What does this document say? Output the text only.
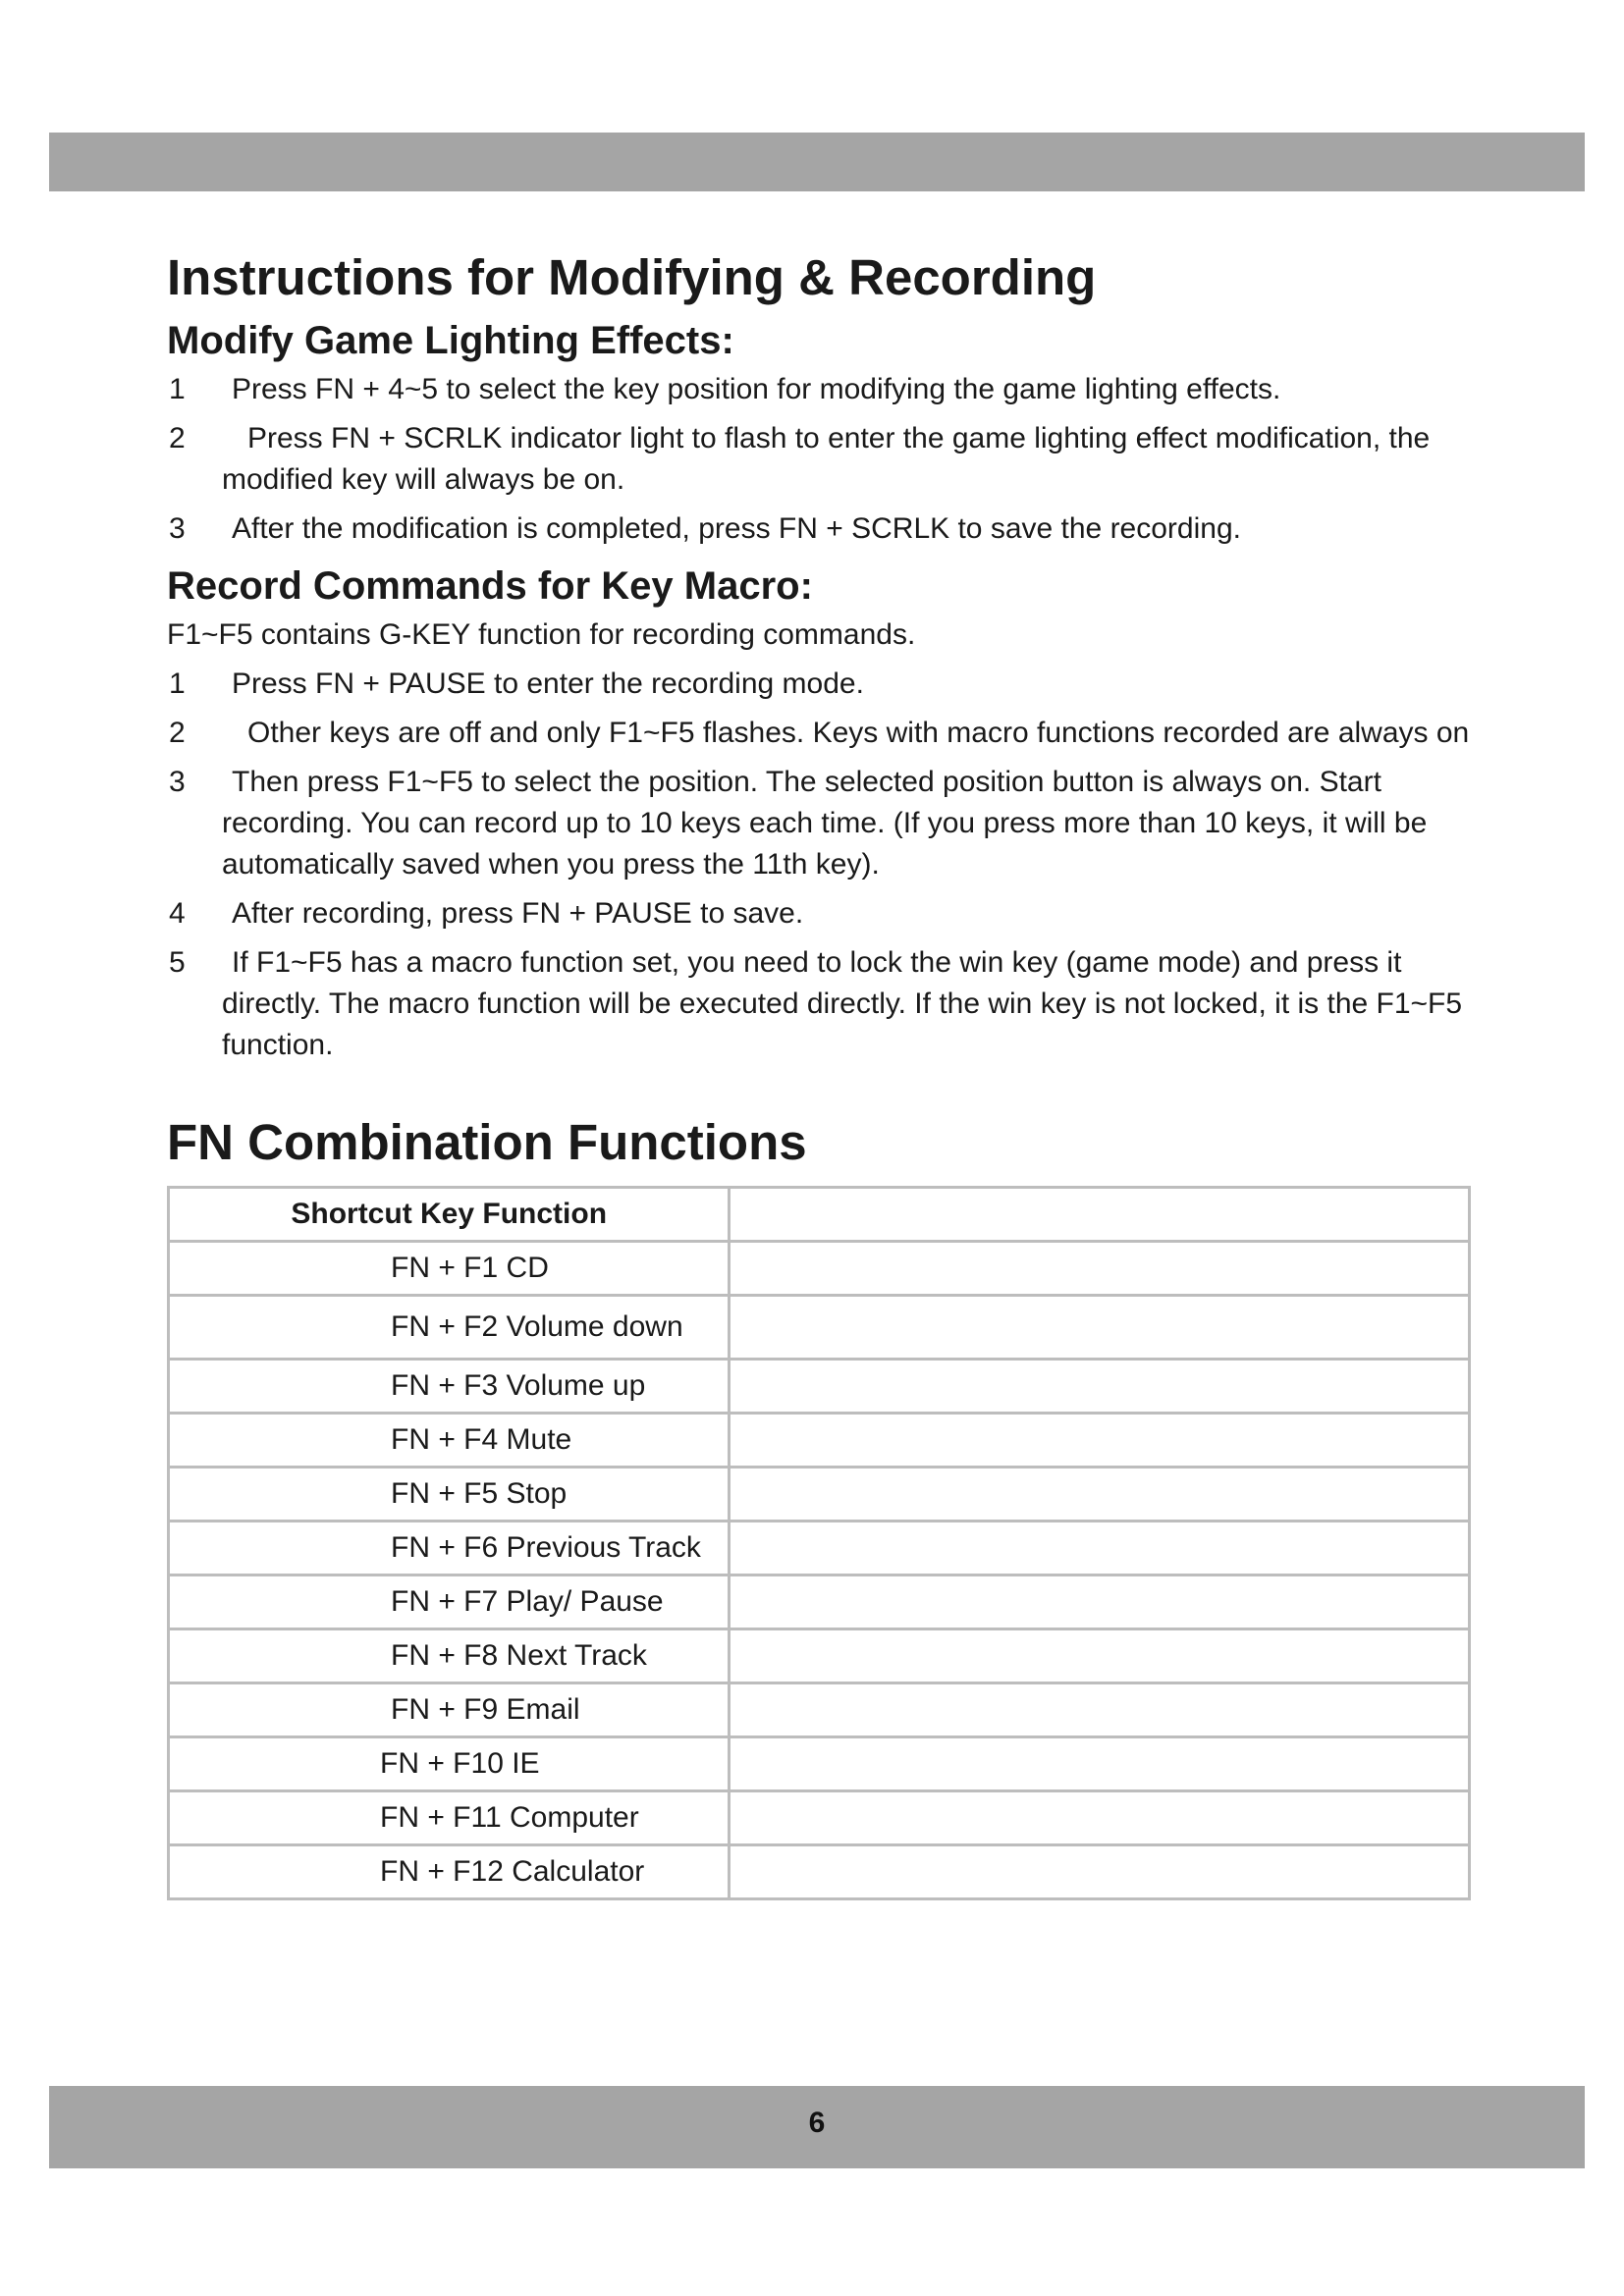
Instructions for Modifying & Recording
Modify Game Lighting Effects:
1	Press FN + 4~5 to select the key position for modifying the game lighting effects.
2	Press FN + SCRLK indicator light to flash to enter the game lighting effect modification, the modified key will always be on.
3	After the modification is completed, press FN + SCRLK to save the recording.
Record Commands for Key Macro:

F1~F5 contains G-KEY function for recording commands.

1	Press FN + PAUSE to enter the recording mode.
2	Other keys are off and only F1~F5 flashes. Keys with macro functions recorded are always on
3	Then press F1~F5 to select the position. The selected position button is always on. Start recording. You can record up to 10 keys each time. (If you press more than 10 keys, it will be automatically saved when you press the 11th key).
4	After recording, press FN + PAUSE to save.
5	If F1~F5 has a macro function set, you need to lock the win key (game mode) and press it directly. The macro function will be executed directly. If the win key is not locked, it is the F1~F5 function.
FN Combination Functions
Shortcut Key Function	
FN + F1 CD	
FN + F2 Volume down	
FN + F3 Volume up	
FN + F4 Mute	
FN + F5 Stop	
FN + F6 Previous Track	
FN + F7 Play/ Pause	
FN + F8 Next Track	
FN + F9 Email	
FN + F10 IE	
FN + F11 Computer	
FN + F12 Calculator	
6
